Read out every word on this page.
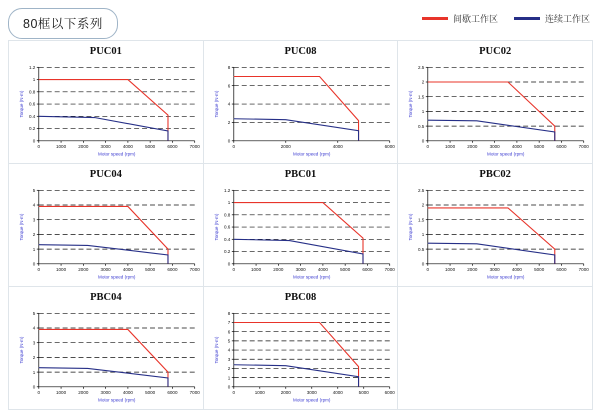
80框以下系列	间歇工作区	连续工作区
PUC01
0
0.2
0.4
0.6
0.8
1
1.2
0	1000	2000	3000	4000	5000	6000	7000
Motor speed (rpm)
Torque (N·m)
PUC08
0
2
4
6
8
0	2000	4000	6000
Motor speed (rpm)
Torque (N·m)
PUC02
0
0.5
1
1.5
2
2.5
0	1000	2000	3000	4000	5000	6000	7000
Motor speed (rpm)
Torque (N·m)
PUC04
0
1
2
3
4
5
0	1000	2000	3000	4000	5000	6000	7000
Motor speed (rpm)
Torque (N·m)
PBC01
0
0.2
0.4
0.6
0.8
1
1.2
0	1000	2000	3000	4000	5000	6000	7000
Motor speed (rpm)
Torque (N·m)
PBC02
0
0.5
1
1.5
2
2.5
0	1000	2000	3000	4000	5000	6000	7000
Motor speed (rpm)
Torque (N·m)
PBC04
0
1
2
3
4
5
0	1000	2000	3000	4000	5000	6000	7000
Motor speed (rpm)
Torque (N·m)
PBC08
0
1
2
3
4
5
6
7
8
0	1000	2000	3000	4000	5000	6000
Motor speed (rpm)
Torque (N·m)
